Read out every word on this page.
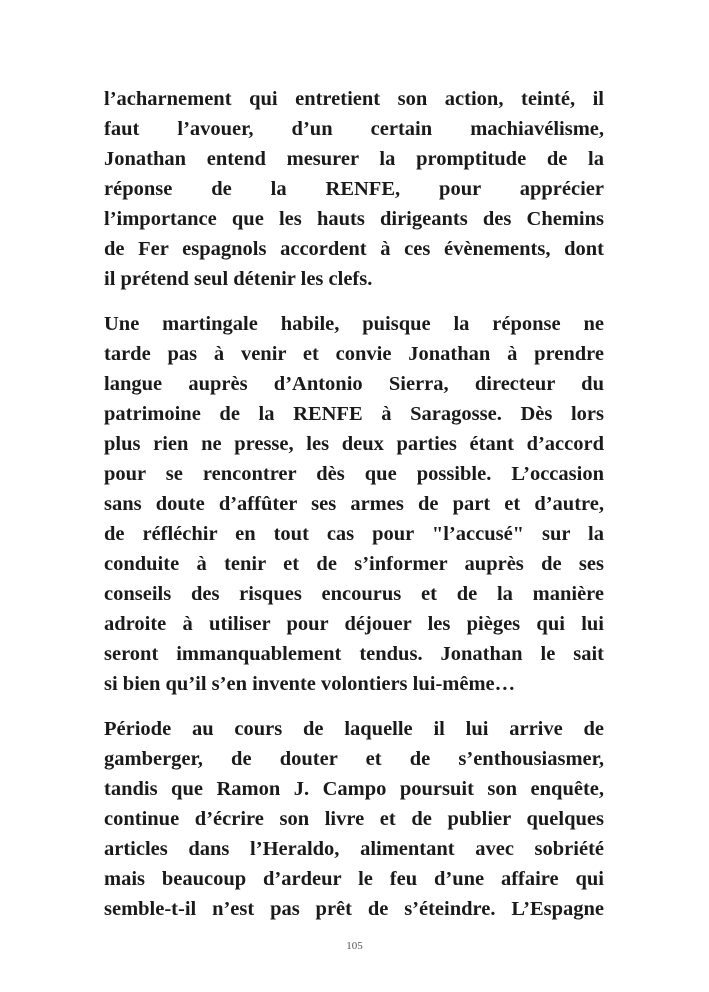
l’acharnement qui entretient son action, teinté, il
faut l’avouer, d’un certain machiavélisme,
Jonathan entend mesurer la promptitude de la
réponse de la RENFE, pour apprécier
l’importance que les hauts dirigeants des Chemins
de Fer espagnols accordent à ces évènements, dont
il prétend seul détenir les clefs.
Une martingale habile, puisque la réponse ne
tarde pas à venir et convie Jonathan à prendre
langue auprès d’Antonio Sierra, directeur du
patrimoine de la RENFE à Saragosse. Dès lors
plus rien ne presse, les deux parties étant d’accord
pour se rencontrer dès que possible. L’occasion
sans doute d’affûter ses armes de part et d’autre,
de réfléchir en tout cas pour "l’accusé" sur la
conduite à tenir et de s’informer auprès de ses
conseils des risques encourus et de la manière
adroite à utiliser pour déjouer les pièges qui lui
seront immanquablement tendus. Jonathan le sait
si bien qu’il s’en invente volontiers lui-même…
Période au cours de laquelle il lui arrive de
gamberger, de douter et de s’enthousiasmer,
tandis que Ramon J. Campo poursuit son enquête,
continue d’écrire son livre et de publier quelques
articles dans l’Heraldo, alimentant avec sobriété
mais beaucoup d’ardeur le feu d’une affaire qui
semble-t-il n’est pas prêt de s’éteindre. L’Espagne
105
